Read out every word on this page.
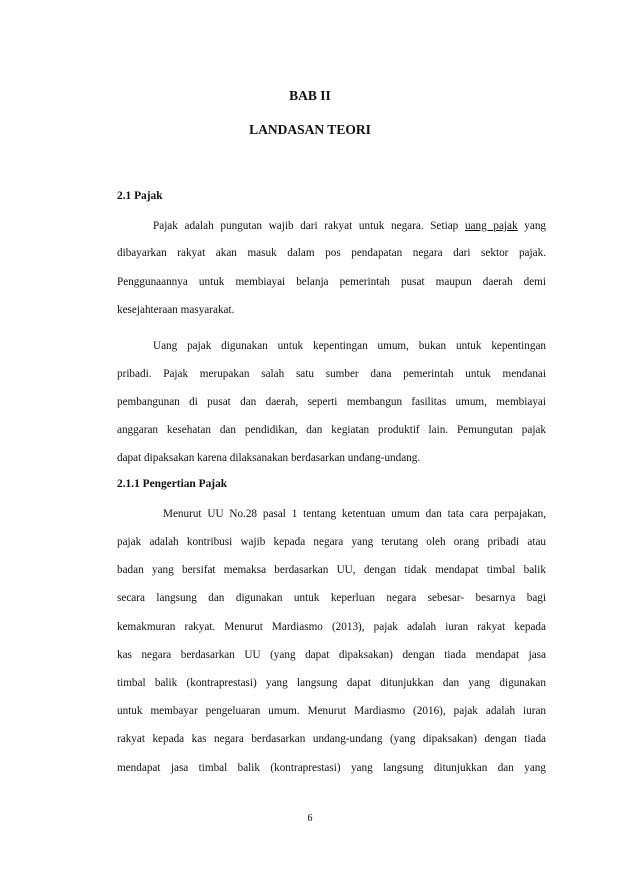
BAB II

LANDASAN TEORI

2.1 Pajak

Pajak adalah pungutan wajib dari rakyat untuk negara. Setiap uang pajak yang

dibayarkan rakyat akan masuk dalam pos pendapatan negara dari sektor pajak.

Penggunaannya untuk membiayai belanja pemerintah pusat maupun daerah demi

kesejahteraan masyarakat.

Uang pajak digunakan untuk kepentingan umum, bukan untuk kepentingan

pribadi. Pajak merupakan salah satu sumber dana pemerintah untuk mendanai

pembangunan di pusat dan daerah, seperti membangun fasilitas umum, membiayai

anggaran kesehatan dan pendidikan, dan kegiatan produktif lain. Pemungutan pajak

dapat dipaksakan karena dilaksanakan berdasarkan undang-undang.

2.1.1 Pengertian Pajak

Menurut UU No.28 pasal 1 tentang ketentuan umum dan tata cara perpajakan,

pajak adalah kontribusi wajib kepada negara yang terutang oleh orang pribadi atau

badan yang bersifat memaksa berdasarkan UU, dengan tidak mendapat timbal balik

secara langsung dan digunakan untuk keperluan negara sebesar- besarnya bagi

kemakmuran rakyat. Menurut Mardiasmo (2013), pajak adalah iuran rakyat kepada

kas negara berdasarkan UU (yang dapat dipaksakan) dengan tiada mendapat jasa

timbal balik (kontraprestasi) yang langsung dapat ditunjukkan dan yang digunakan

untuk membayar pengeluaran umum. Menurut Mardiasmo (2016), pajak adalah iuran

rakyat kepada kas negara berdasarkan undang-undang (yang dipaksakan) dengan tiada

mendapat jasa timbal balik (kontraprestasi) yang langsung ditunjukkan dan yang

6
